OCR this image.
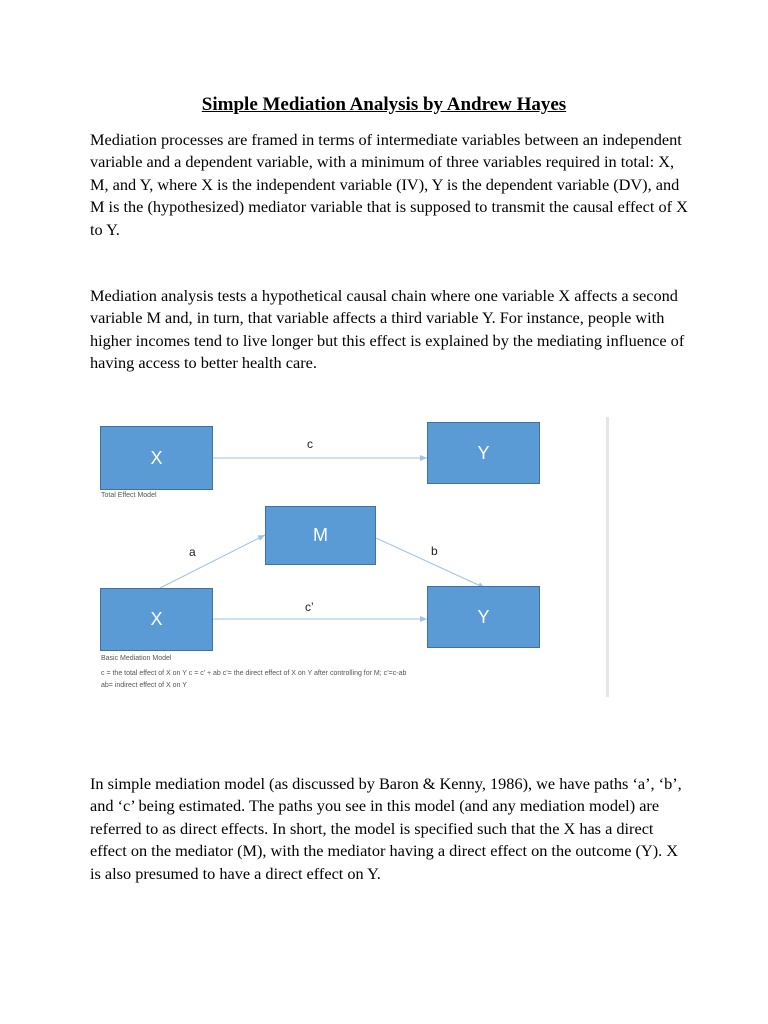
Simple Mediation Analysis by Andrew Hayes

Mediation processes are framed in terms of intermediate variables between an independent variable and a dependent variable, with a minimum of three variables required in total: X, M, and Y, where X is the independent variable (IV), Y is the dependent variable (DV), and M is the (hypothesized) mediator variable that is supposed to transmit the causal effect of X to Y.

Mediation analysis tests a hypothetical causal chain where one variable X affects a second variable M and, in turn, that variable affects a third variable Y. For instance, people with higher incomes tend to live longer but this effect is explained by the mediating influence of having access to better health care.

X	Y
c
Total Effect Model
M
a	b
c’
X	Y
Basic Mediation Model
c = the total effect of X on Y c = c’ + ab c’= the direct effect of X on Y after controlling for M; c’=c-ab
ab= indirect effect of X on Y

In simple mediation model (as discussed by Baron & Kenny, 1986), we have paths ‘a’, ‘b’, and ‘c’ being estimated. The paths you see in this model (and any mediation model) are referred to as direct effects. In short, the model is specified such that the X has a direct effect on the mediator (M), with the mediator having a direct effect on the outcome (Y). X is also presumed to have a direct effect on Y.
